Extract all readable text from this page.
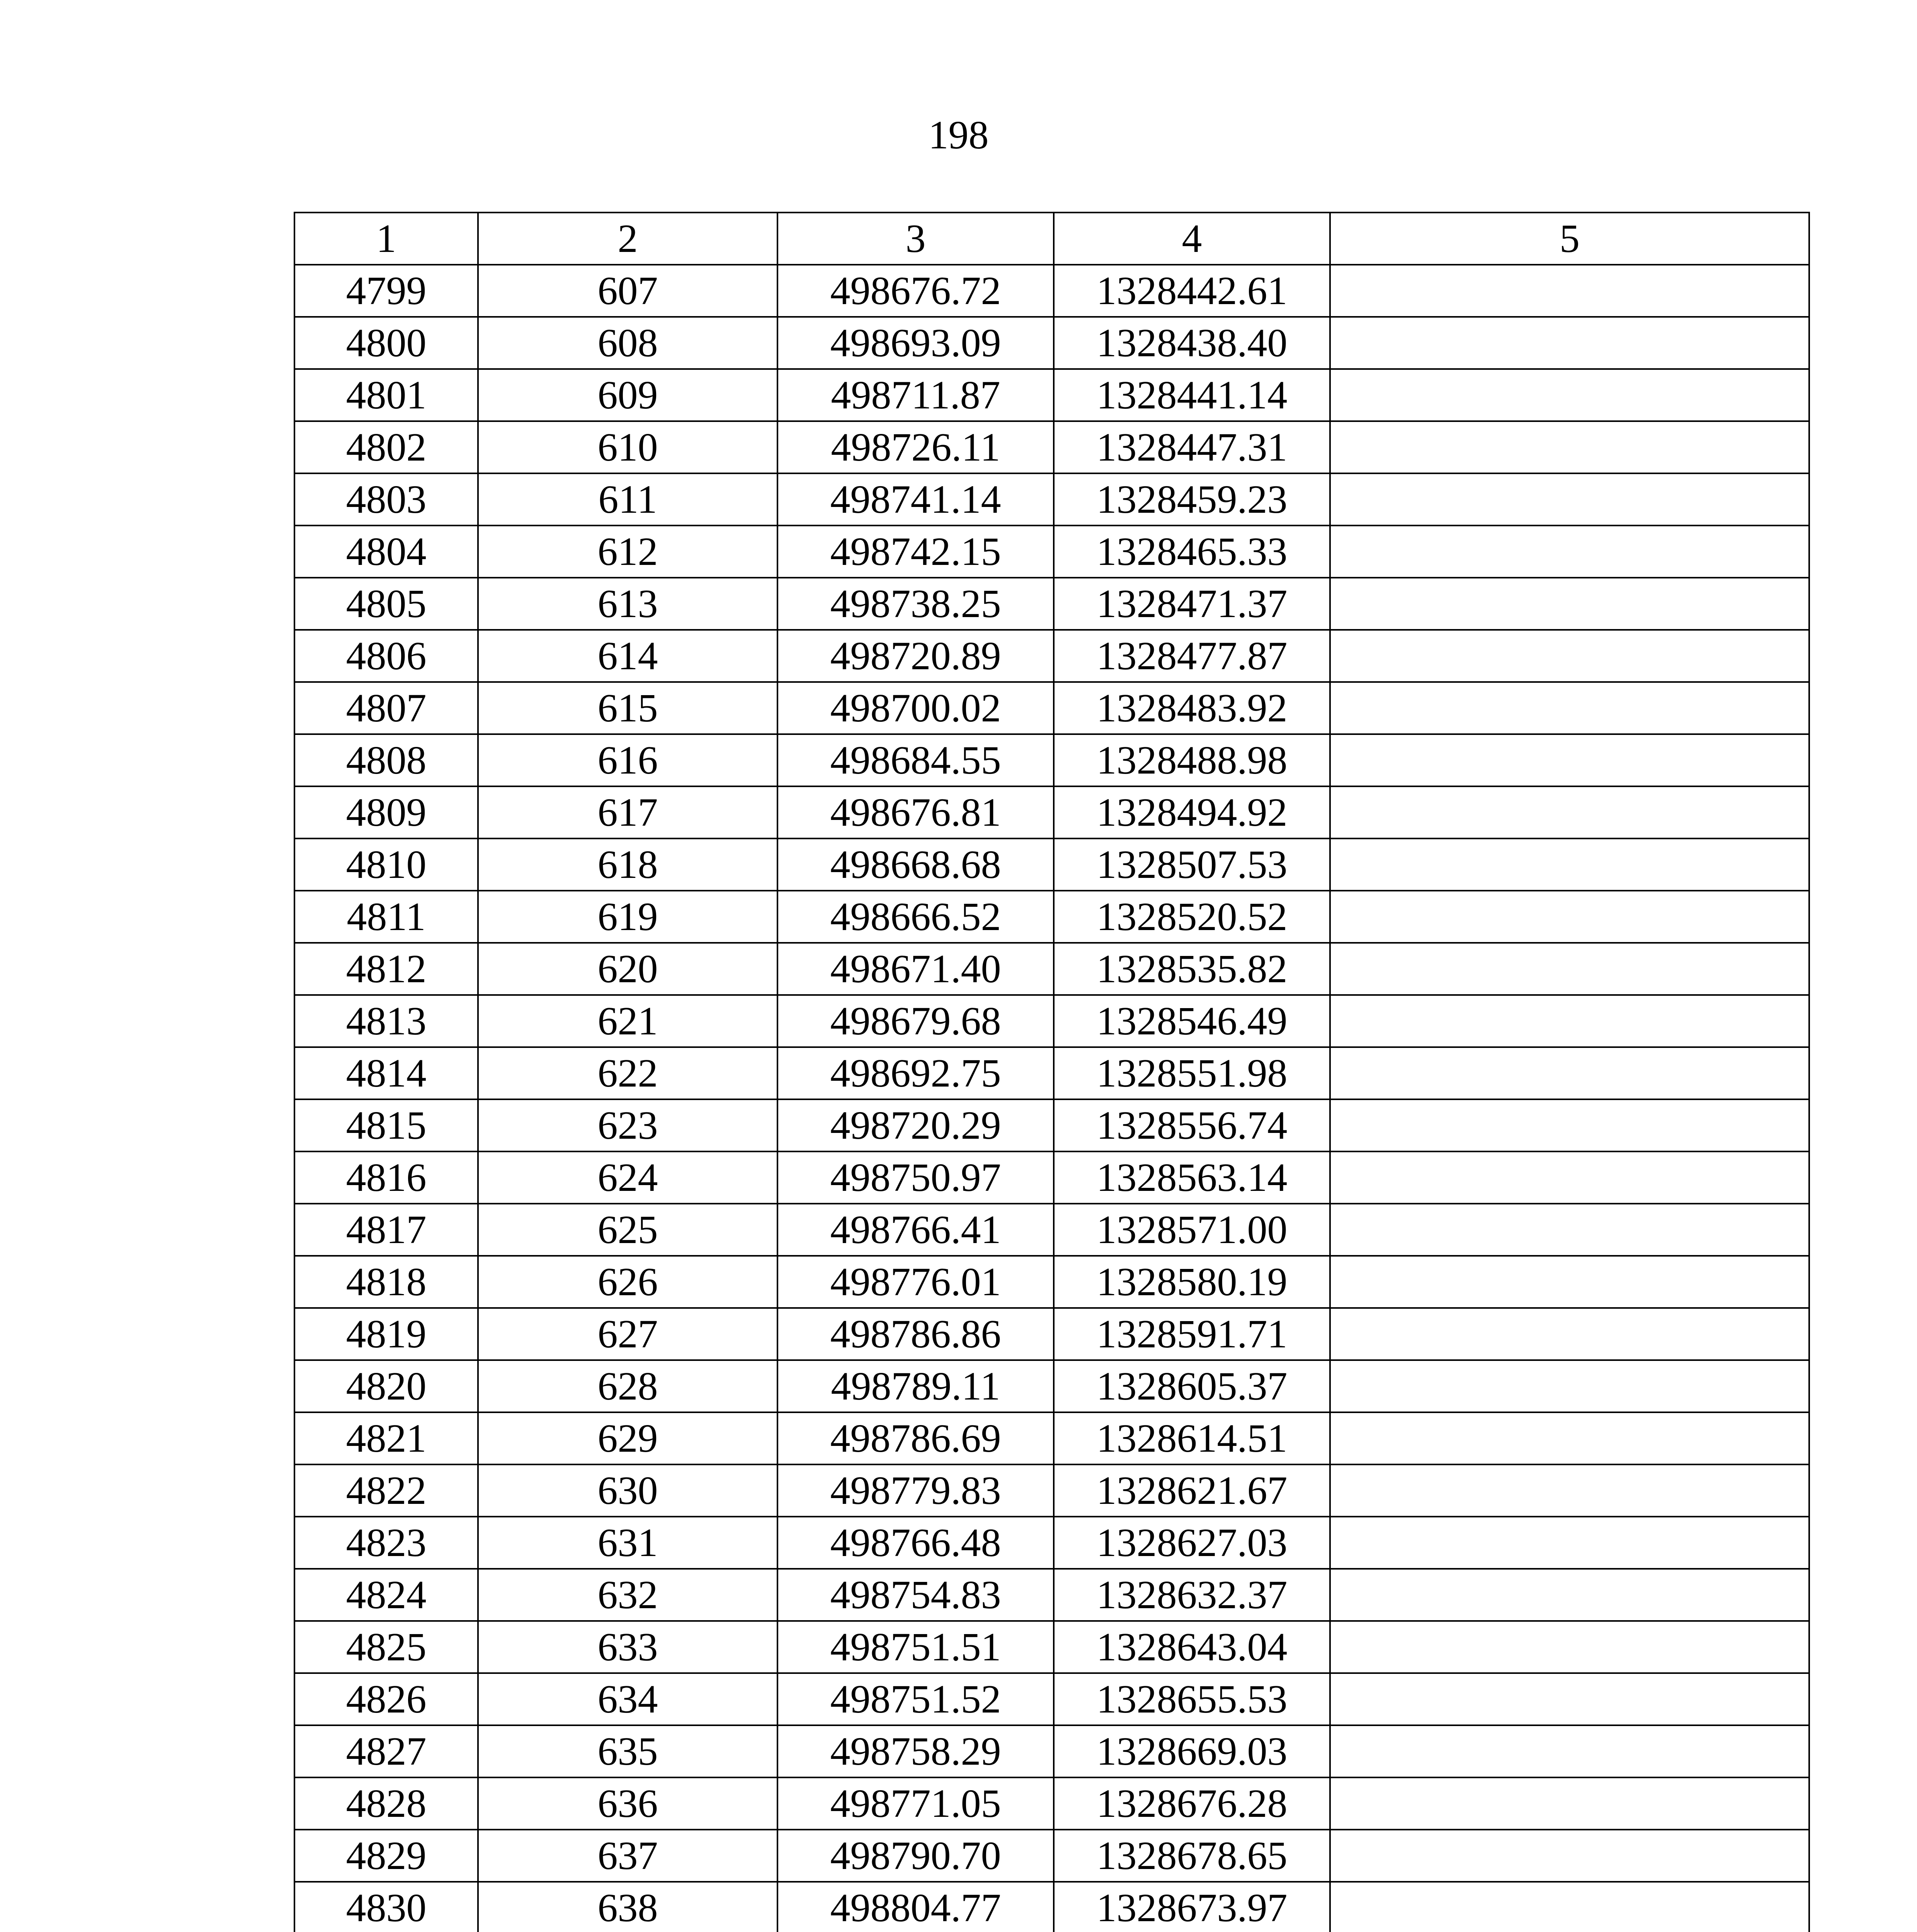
198
1	2	3	4	5
4799	607	498676.72	1328442.61	
4800	608	498693.09	1328438.40	
4801	609	498711.87	1328441.14	
4802	610	498726.11	1328447.31	
4803	611	498741.14	1328459.23	
4804	612	498742.15	1328465.33	
4805	613	498738.25	1328471.37	
4806	614	498720.89	1328477.87	
4807	615	498700.02	1328483.92	
4808	616	498684.55	1328488.98	
4809	617	498676.81	1328494.92	
4810	618	498668.68	1328507.53	
4811	619	498666.52	1328520.52	
4812	620	498671.40	1328535.82	
4813	621	498679.68	1328546.49	
4814	622	498692.75	1328551.98	
4815	623	498720.29	1328556.74	
4816	624	498750.97	1328563.14	
4817	625	498766.41	1328571.00	
4818	626	498776.01	1328580.19	
4819	627	498786.86	1328591.71	
4820	628	498789.11	1328605.37	
4821	629	498786.69	1328614.51	
4822	630	498779.83	1328621.67	
4823	631	498766.48	1328627.03	
4824	632	498754.83	1328632.37	
4825	633	498751.51	1328643.04	
4826	634	498751.52	1328655.53	
4827	635	498758.29	1328669.03	
4828	636	498771.05	1328676.28	
4829	637	498790.70	1328678.65	
4830	638	498804.77	1328673.97	
